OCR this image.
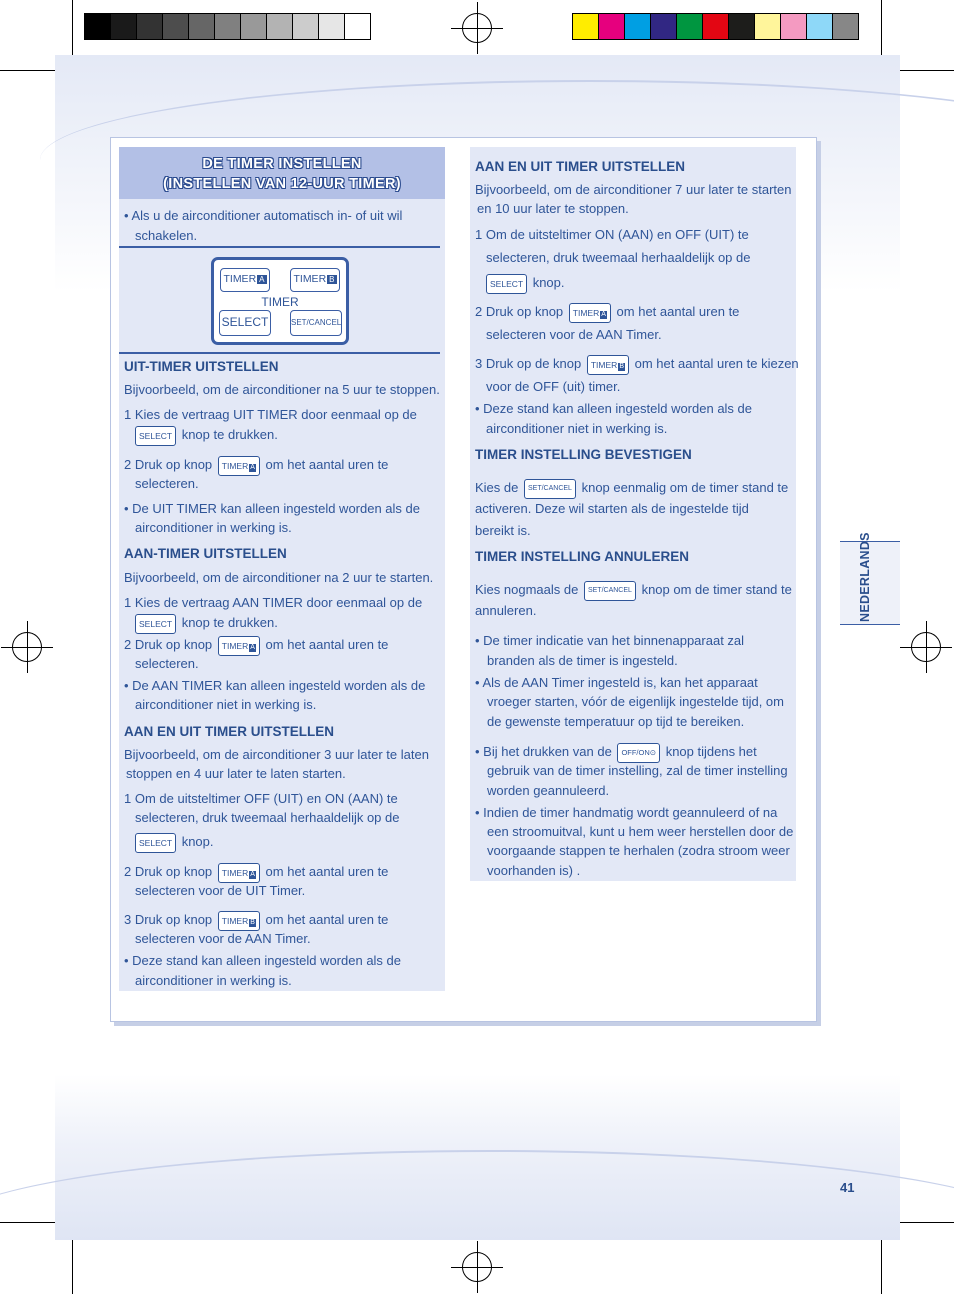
DE TIMER INSTELLEN
(INSTELLEN VAN 12-UUR TIMER)
• Als u de airconditioner automatisch in- of uit wil
schakelen.
TIMER A	TIMER B
TIMER
SELECT	SET/CANCEL
UIT-TIMER UITSTELLEN
Bijvoorbeeld, om de airconditioner na 5 uur te stoppen.
1 Kies de vertraag UIT TIMER door eenmaal op de
SELECT knop te drukken.
2 Druk op knop TIMER A om het aantal uren te
selecteren.
• De UIT TIMER kan alleen ingesteld worden als de
airconditioner in werking is.
AAN-TIMER UITSTELLEN
Bijvoorbeeld, om de airconditioner na 2 uur te starten.
1 Kies de vertraag AAN TIMER door eenmaal op de
SELECT knop te drukken.
2 Druk op knop TIMER A om het aantal uren te
selecteren.
• De AAN TIMER kan alleen ingesteld worden als de
airconditioner niet in werking is.
AAN EN UIT TIMER UITSTELLEN
Bijvoorbeeld, om de airconditioner 3 uur later te laten
stoppen en 4 uur later te laten starten.
1 Om de uitsteltimer OFF (UIT) en ON (AAN) te
selecteren, druk tweemaal herhaaldelijk op de
SELECT knop.
2 Druk op knop TIMER A om het aantal uren te
selecteren voor de UIT Timer.
3 Druk op knop TIMER B om het aantal uren te
selecteren voor de AAN Timer.
• Deze stand kan alleen ingesteld worden als de
airconditioner in werking is.
AAN EN UIT TIMER UITSTELLEN
Bijvoorbeeld, om de airconditioner 7 uur later te starten
en 10 uur later te stoppen.
1 Om de uitsteltimer ON (AAN) en OFF (UIT) te
selecteren, druk tweemaal herhaaldelijk op de
SELECT knop.
2 Druk op knop TIMER A om het aantal uren te
selecteren voor de AAN Timer.
3 Druk op de knop TIMER B om het aantal uren te kiezen
voor de OFF (uit) timer.
• Deze stand kan alleen ingesteld worden als de
airconditioner niet in werking is.
TIMER INSTELLING BEVESTIGEN
Kies de SET/CANCEL knop eenmalig om de timer stand te
activeren. Deze wil starten als de ingestelde tijd
bereikt is.
TIMER INSTELLING ANNULEREN
Kies nogmaals de SET/CANCEL knop om de timer stand te
annuleren.
• De timer indicatie van het binnenapparaat zal
branden als de timer is ingesteld.
• Als de AAN Timer ingesteld is, kan het apparaat
vroeger starten, vóór de eigenlijk ingestelde tijd, om
de gewenste temperatuur op tijd te bereiken.
• Bij het drukken van de OFF/ON⊙ knop tijdens het
gebruik van de timer instelling, zal de timer instelling
worden geannuleerd.
• Indien de timer handmatig wordt geannuleerd of na
een stroomuitval, kunt u hem weer herstellen door de
voorgaande stappen te herhalen (zodra stroom weer
voorhanden is) .
NEDERLANDS
41
